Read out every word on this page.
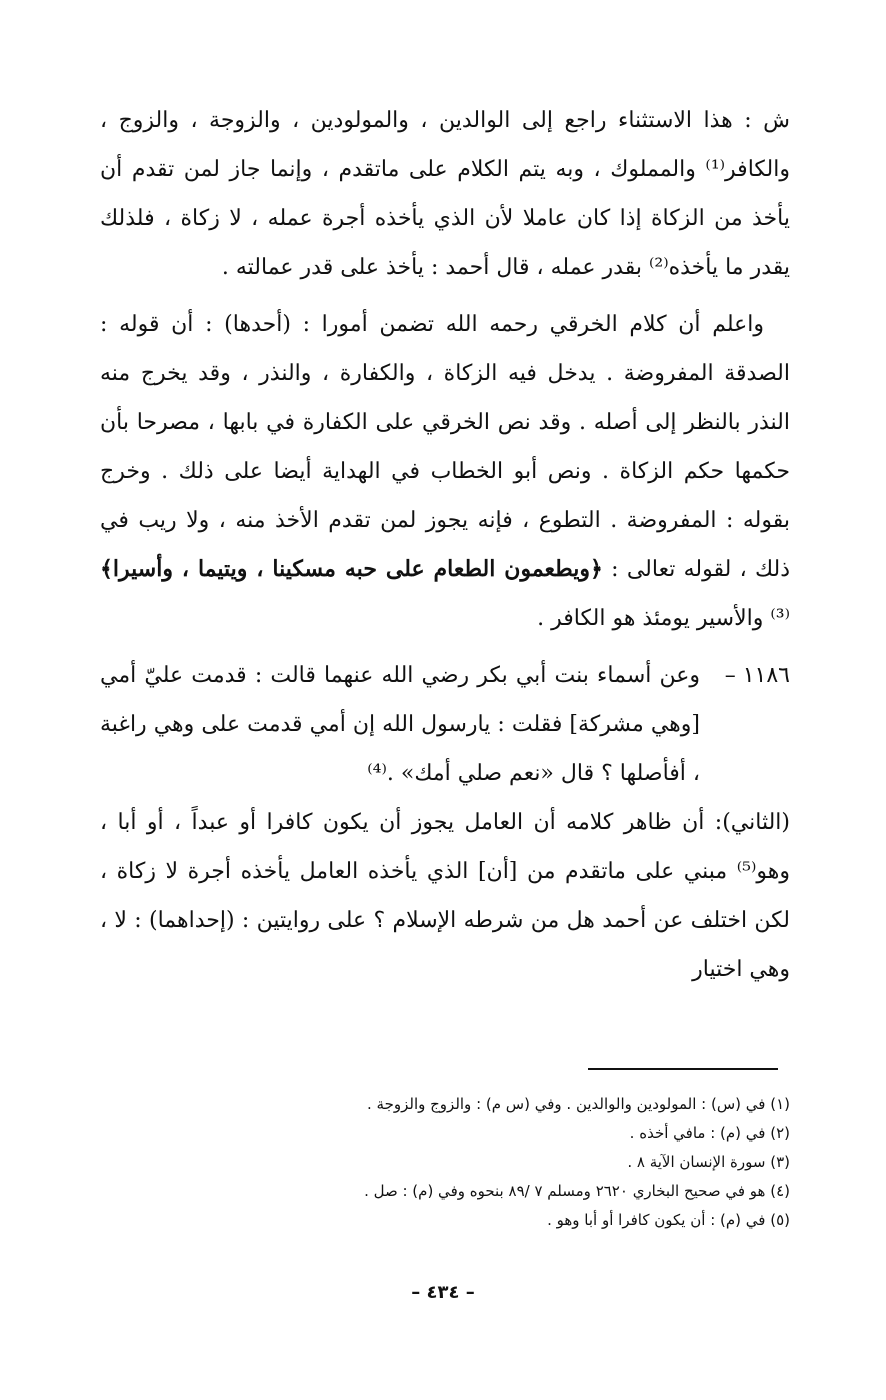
ش : هذا الاستثناء راجع إلى الوالدين ، والمولودين ، والزوجة ، والزوج ، والكافر⁽¹⁾ والمملوك ، وبه يتم الكلام على ماتقدم ، وإنما جاز لمن تقدم أن يأخذ من الزكاة إذا كان عاملا لأن الذي يأخذه أجرة عمله ، لا زكاة ، فلذلك يقدر ما يأخذه⁽²⁾ بقدر عمله ، قال أحمد : يأخذ على قدر عمالته .

واعلم أن كلام الخرقي رحمه الله تضمن أمورا : (أحدها) : أن قوله : الصدقة المفروضة . يدخل فيه الزكاة ، والكفارة ، والنذر ، وقد يخرج منه النذر بالنظر إلى أصله . وقد نص الخرقي على الكفارة في بابها ، مصرحا بأن حكمها حكم الزكاة . ونص أبو الخطاب في الهداية أيضا على ذلك . وخرج بقوله : المفروضة . التطوع ، فإنه يجوز لمن تقدم الأخذ منه ، ولا ريب في ذلك ، لقوله تعالى : ﴿ويطعمون الطعام على حبه مسكينا ، ويتيما ، وأسيرا﴾⁽³⁾ والأسير يومئذ هو الكافر .

١١٨٦ –

وعن أسماء بنت أبي بكر رضي الله عنهما قالت : قدمت عليّ أمي [وهي مشركة] فقلت : يارسول الله إن أمي قدمت على وهي راغبة ، أفأصلها ؟ قال «نعم صلي أمك» .⁽⁴⁾

(الثاني): أن ظاهر كلامه أن العامل يجوز أن يكون كافرا أو عبداً ، أو أبا ، وهو⁽⁵⁾ مبني على ماتقدم من [أن] الذي يأخذه العامل يأخذه أجرة لا زكاة ، لكن اختلف عن أحمد هل من شرطه الإسلام ؟ على روايتين : (إحداهما) : لا ، وهي اختيار

(١) في (س) : المولودين والوالدين . وفي (س م) : والزوج والزوجة .

(٢) في (م) : مافي أخذه .

(٣) سورة الإنسان الآية ٨ .

(٤) هو في صحيح البخاري ٢٦٢٠ ومسلم ٧ /٨٩ بنحوه وفي (م) : صل .

(٥) في (م) : أن يكون كافرا أو أبا وهو .

– ٤٣٤ –
